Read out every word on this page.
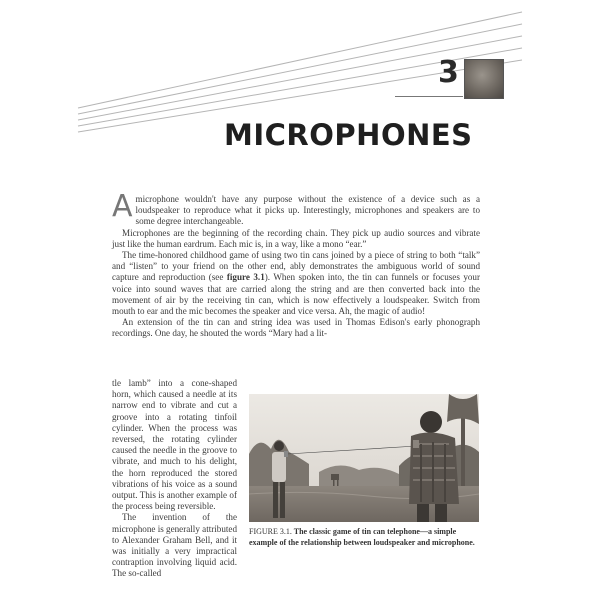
3
MICROPHONES

Amicrophone wouldn't have any purpose without the existence of a device such as a loudspeaker to reproduce what it picks up. Interestingly, microphones and speakers are to some degree interchangeable.

Microphones are the beginning of the recording chain. They pick up audio sources and vibrate just like the human eardrum. Each mic is, in a way, like a mono “ear.”

The time-honored childhood game of using two tin cans joined by a piece of string to both “talk” and “listen” to your friend on the other end, ably demonstrates the ambiguous world of sound capture and reproduction (see figure 3.1). When spoken into, the tin can funnels or focuses your voice into sound waves that are carried along the string and are then converted back into the movement of air by the receiving tin can, which is now effectively a loudspeaker. Switch from mouth to ear and the mic becomes the speaker and vice versa. Ah, the magic of audio!

An extension of the tin can and string idea was used in Thomas Edison's early phonograph recordings. One day, he shouted the words “Mary had a lit-

tle lamb” into a cone-shaped horn, which caused a needle at its narrow end to vibrate and cut a groove into a rotating tinfoil cylinder. When the process was reversed, the rotating cylinder caused the needle in the groove to vibrate, and much to his delight, the horn reproduced the stored vibrations of his voice as a sound output. This is another example of the process being reversible.

The invention of the microphone is generally attributed to Alexander Graham Bell, and it was initially a very impractical contraption involving liquid acid. The so-called

FIGURE 3.1. The classic game of tin can telephone—a simple example of the relationship between loudspeaker and microphone.
